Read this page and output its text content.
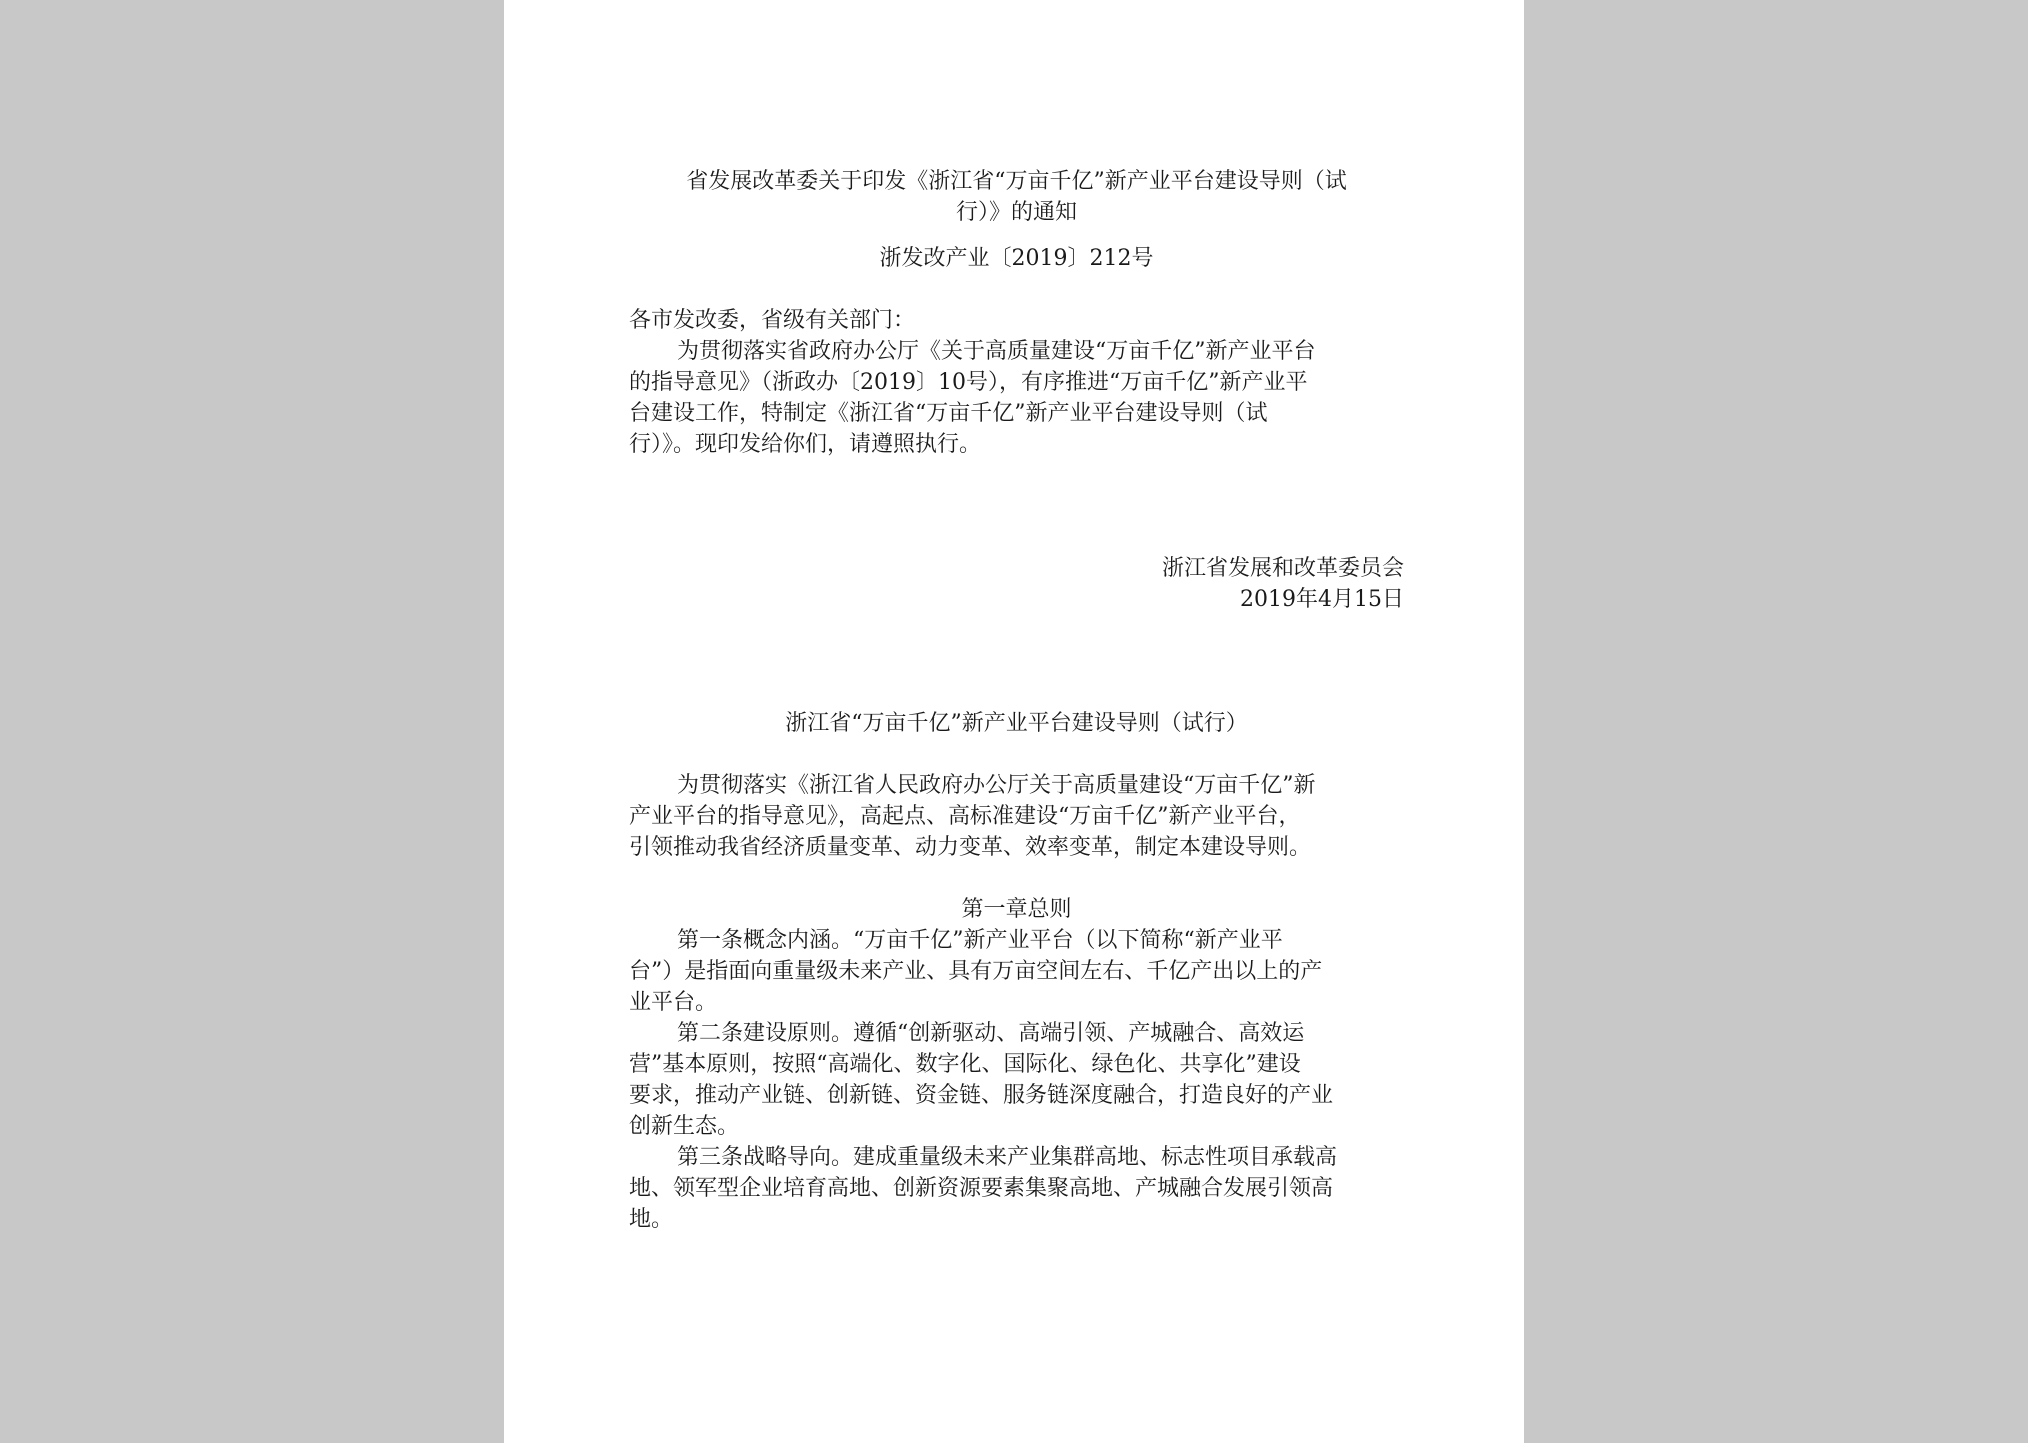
省发展改革委关于印发《浙江省“万亩千亿”新产业平台建设导则（试
行）》的通知
浙发改产业〔2019〕212号
各市发改委，省级有关部门：
为贯彻落实省政府办公厅《关于高质量建设“万亩千亿”新产业平台
的指导意见》（浙政办〔2019〕10号），有序推进“万亩千亿”新产业平
台建设工作，特制定《浙江省“万亩千亿”新产业平台建设导则（试
行）》。现印发给你们，请遵照执行。
浙江省发展和改革委员会
2019年4月15日
浙江省“万亩千亿”新产业平台建设导则（试行）
为贯彻落实《浙江省人民政府办公厅关于高质量建设“万亩千亿”新
产业平台的指导意见》，高起点、高标准建设“万亩千亿”新产业平台，
引领推动我省经济质量变革、动力变革、效率变革，制定本建设导则。
第一章总则
第一条概念内涵。“万亩千亿”新产业平台（以下简称“新产业平
台”）是指面向重量级未来产业、具有万亩空间左右、千亿产出以上的产
业平台。
第二条建设原则。遵循“创新驱动、高端引领、产城融合、高效运
营”基本原则，按照“高端化、数字化、国际化、绿色化、共享化”建设
要求，推动产业链、创新链、资金链、服务链深度融合，打造良好的产业
创新生态。
第三条战略导向。建成重量级未来产业集群高地、标志性项目承载高
地、领军型企业培育高地、创新资源要素集聚高地、产城融合发展引领高
地。
